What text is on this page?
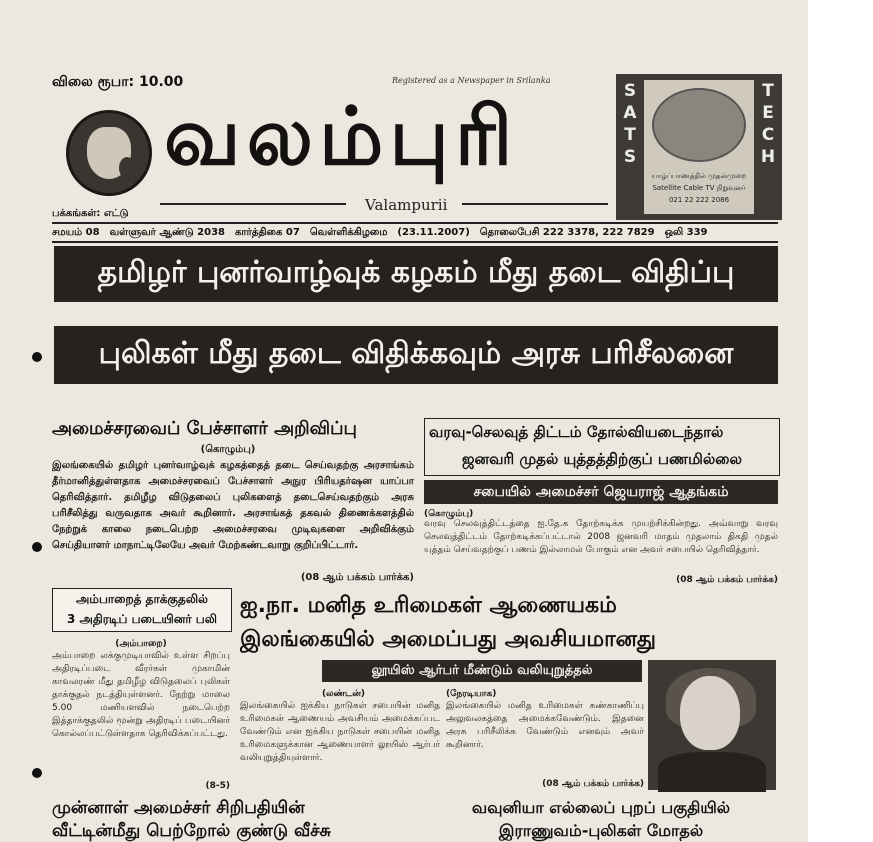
விலை ரூபா: 10.00	Registered as a Newspaper in Srilanka
வலம்புரி
Valampurii
S
A
T
S
யாழ்ப்பாணத்தில் முதன்முறை
Satellite Cable TV நிறுவுனர்
021 22 222 2086
T
E
C
H
பக்கங்கள்: எட்டு
சமயம் 08 வள்ளுவர் ஆண்டு 2038 கார்த்திகை 07 வெள்ளிக்கிழமை (23.11.2007) தொலைபேசி 222 3378, 222 7829 ஒலி 339
தமிழர் புனர்வாழ்வுக் கழகம் மீது தடை விதிப்பு
புலிகள் மீது தடை விதிக்கவும் அரசு பரிசீலனை
அமைச்சரவைப் பேச்சாளர் அறிவிப்பு
(கொழும்பு)
இலங்கையில் தமிழர் புனர்வாழ்வுக் கழகத்தைத் தடை செய்வதற்கு அரசாங்கம் தீர்மானித்துள்ளதாக அமைச்சரவைப் பேச்சாளர் அநுர பிரியதர்ஷன யாப்பா தெரிவித்தார். தமிழீழ விடுதலைப் புலிகளைத் தடைசெய்வதற்கும் அரசு பரிசீலித்து வருவதாக அவர் கூறினார். அரசாங்கத் தகவல் திணைக்களத்தில் நேற்றுக் காலை நடைபெற்ற அமைச்சரவை முடிவுகளை அறிவிக்கும் செய்தியாளர் மாநாட்டிலேயே அவர் மேற்கண்டவாறு குறிப்பிட்டார்.
(08 ஆம் பக்கம் பார்க்க)
வரவு-செலவுத் திட்டம் தோல்வியடைந்தால்
ஜனவரி முதல் யுத்தத்திற்குப் பணமில்லை
சபையில் அமைச்சர் ஜெயராஜ் ஆதங்கம்
(கொழும்பு)
வரவு செலவுத்திட்டத்தை ஐ.தே.க தோற்கடிக்க முயற்சிக்கின்றது. அவ்வாறு வரவு செலவுத்திட்டம் தோற்கடிக்கப்பட்டால் 2008 ஜனவரி மாதம் முதலாம் திகதி முதல் யுத்தம் செய்வதற்குப் பணம் இல்லாமல் போகும் என அவர் சபையில் தெரிவித்தார்.
(08 ஆம் பக்கம் பார்க்க)
அம்பாறைத் தாக்குதலில்
3 அதிரடிப் படையினர் பலி
(அம்பாறை)
அம்பாறை லக்குமுடியாவில் உள்ள சிறப்பு அதிரடிப்படை வீரர்கள் முகாமின் காவலரண் மீது தமிழீழ விடுதலைப் புலிகள் தாக்குதல் நடத்தியுள்ளனர். நேற்று மாலை 5.00 மணியளவில் நடைபெற்ற இத்தாக்குதலில் மூன்று அதிரடிப் படையினர் கொல்லப்பட்டுள்ளதாக தெரிவிக்கப்பட்டது.
(8-5)
ஐ.நா. மனித உரிமைகள் ஆணையகம்
இலங்கையில் அமைப்பது அவசியமானது
லூயிஸ் ஆர்பர் மீண்டும் வலியுறுத்தல்
(லண்டன்)
இலங்கையில் ஐக்கிய நாடுகள் சபையின் மனித உரிமைகள் ஆணையம் அவசியம் அமைக்கப்பட வேண்டும் என ஐக்கிய நாடுகள் சபையின் மனித உரிமைகளுக்கான ஆணையாளர் லூயிஸ் ஆர்பர் வலியுறுத்தியுள்ளார்.
(நேரடியாக)
இலங்கையில் மனித உரிமைகள் கண்காணிப்பு அலுவலகத்தை அமைக்கவேண்டும். இதனை அரசு பரிசீலிக்க வேண்டும் எனவும் அவர் கூறினார்.
(08 ஆம் பக்கம் பார்க்க)
முன்னாள் அமைச்சர் சிறிபதியின்
வீட்டின்மீது பெற்றோல் குண்டு வீச்சு
வவுனியா எல்லைப் புறப் பகுதியில்
இராணுவம்-புலிகள் மோதல்
